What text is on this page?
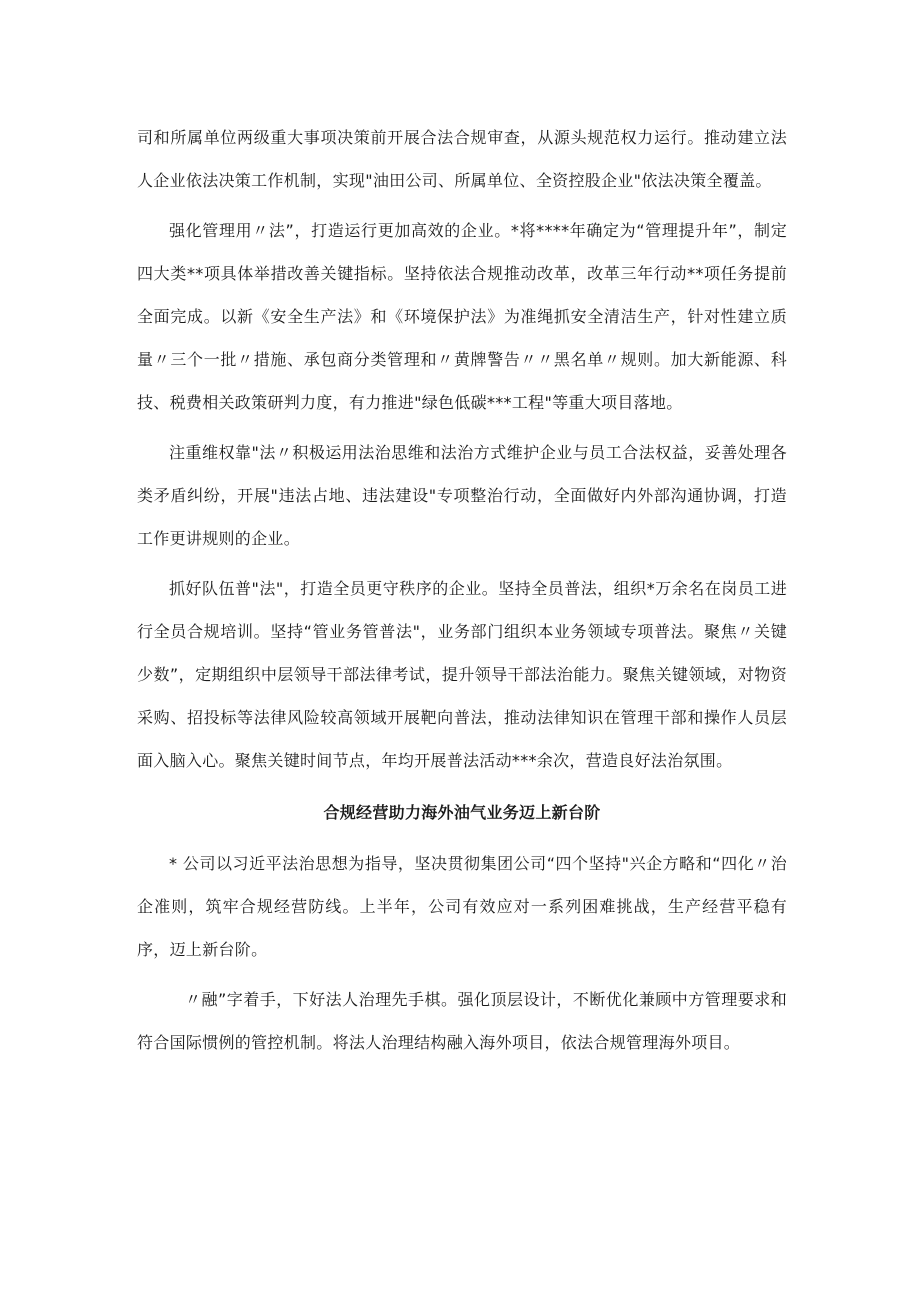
司和所属单位两级重大事项决策前开展合法合规审查，从源头规范权力运行。推动建立法人企业依法决策工作机制，实现"油田公司、所属单位、全资控股企业"依法决策全覆盖。

强化管理用〃法”，打造运行更加高效的企业。*将****年确定为“管理提升年”，制定四大类**项具体举措改善关键指标。坚持依法合规推动改革，改革三年行动**项任务提前全面完成。以新《安全生产法》和《环境保护法》为准绳抓安全清洁生产，针对性建立质量〃三个一批〃措施、承包商分类管理和〃黄牌警告〃〃黑名单〃规则。加大新能源、科技、税费相关政策研判力度，有力推进"绿色低碳***工程"等重大项目落地。

注重维权靠"法〃积极运用法治思维和法治方式维护企业与员工合法权益，妥善处理各类矛盾纠纷，开展"违法占地、违法建设"专项整治行动，全面做好内外部沟通协调，打造工作更讲规则的企业。

抓好队伍普"法"，打造全员更守秩序的企业。坚持全员普法，组织*万余名在岗员工进行全员合规培训。坚持“管业务管普法"，业务部门组织本业务领域专项普法。聚焦〃关键少数”，定期组织中层领导干部法律考试，提升领导干部法治能力。聚焦关键领域，对物资采购、招投标等法律风险较高领域开展靶向普法，推动法律知识在管理干部和操作人员层面入脑入心。聚焦关键时间节点，年均开展普法活动***余次，营造良好法治氛围。

合规经营助力海外油气业务迈上新台阶

* 公司以习近平法治思想为指导，坚决贯彻集团公司“四个坚持"兴企方略和“四化〃治企准则，筑牢合规经营防线。上半年，公司有效应对一系列困难挑战，生产经营平稳有序，迈上新台阶。

〃融”字着手，下好法人治理先手棋。强化顶层设计，不断优化兼顾中方管理要求和符合国际惯例的管控机制。将法人治理结构融入海外项目，依法合规管理海外项目。
